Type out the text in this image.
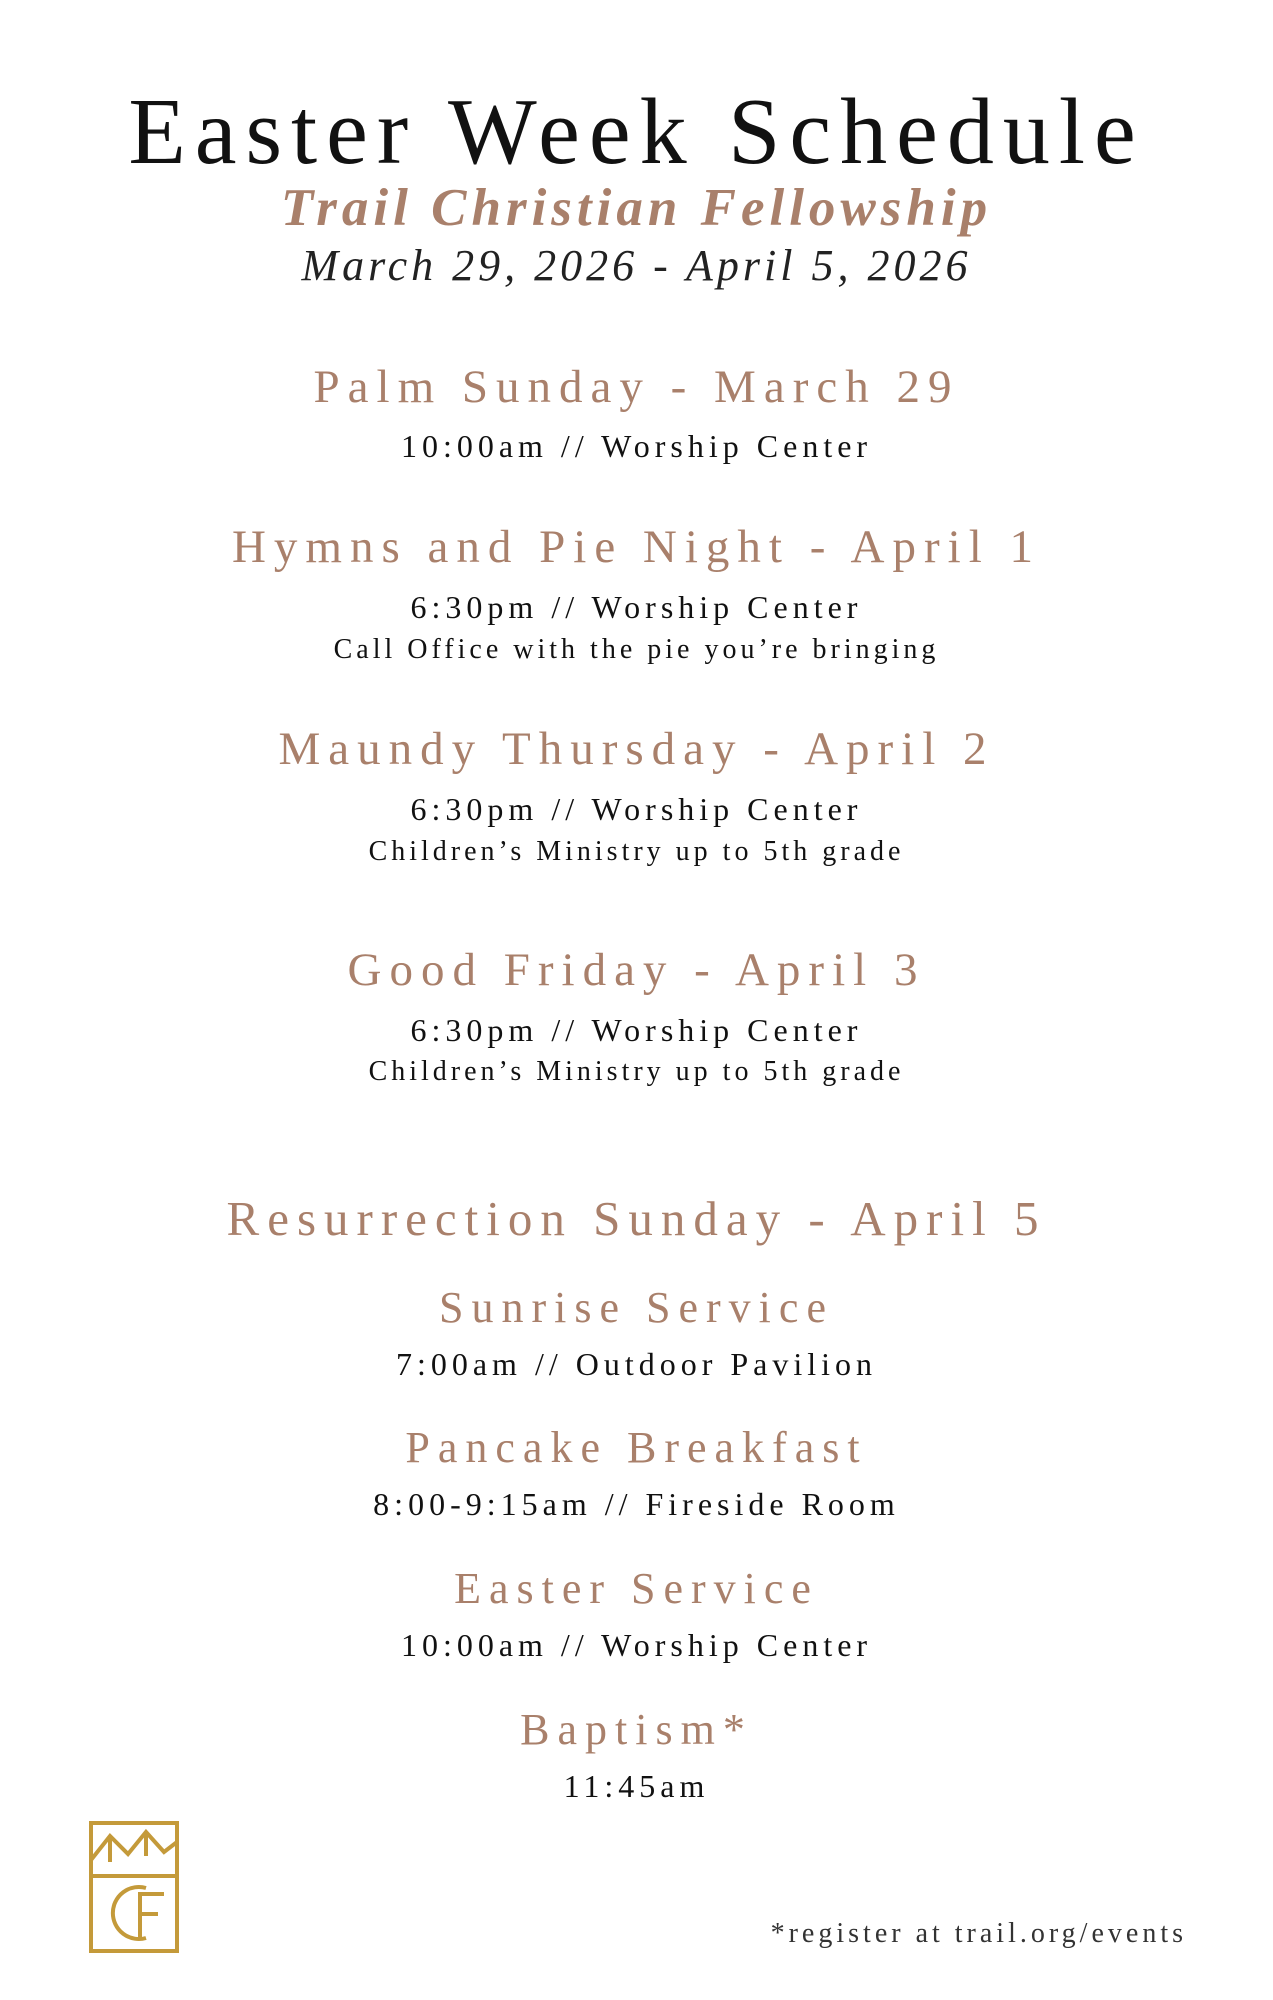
Easter Week Schedule
Trail Christian Fellowship
March 29, 2026 - April 5, 2026
Palm Sunday - March 29
10:00am // Worship Center
Hymns and Pie Night - April 1
6:30pm // Worship Center
Call Office with the pie you’re bringing
Maundy Thursday - April 2
6:30pm // Worship Center
Children’s Ministry up to 5th grade
Good Friday - April 3
6:30pm // Worship Center
Children’s Ministry up to 5th grade
Resurrection Sunday - April 5
Sunrise Service
7:00am // Outdoor Pavilion
Pancake Breakfast
8:00-9:15am // Fireside Room
Easter Service
10:00am // Worship Center
Baptism*
11:45am
*register at trail.org/events
